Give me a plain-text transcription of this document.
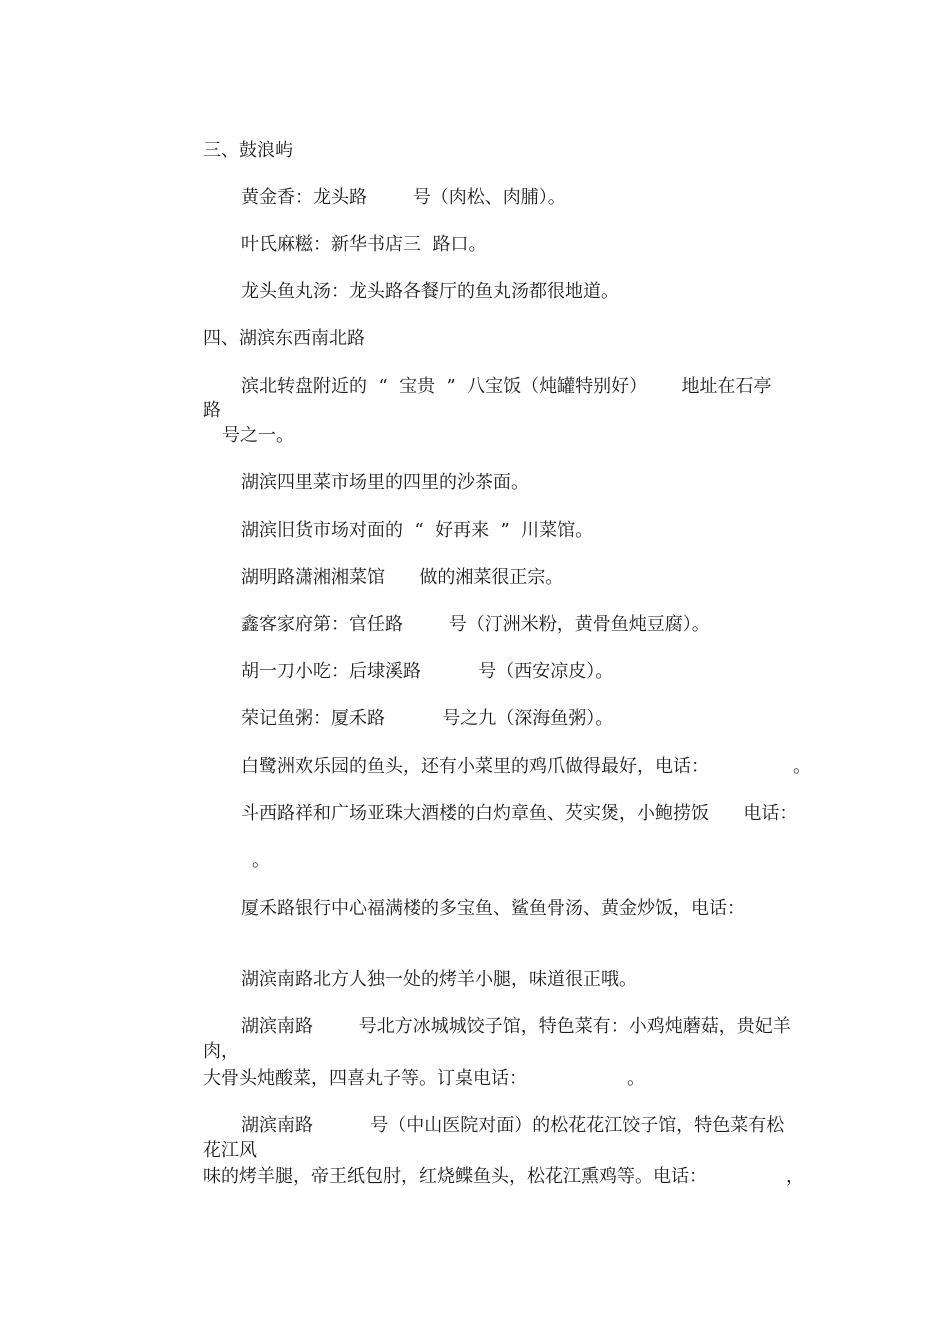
三、鼓浪屿
黄金香：龙头路        号（肉松、肉脯）。
叶氏麻糍：新华书店三  路口。
龙头鱼丸汤：龙头路各餐厅的鱼丸汤都很地道。
四、湖滨东西南北路
滨北转盘附近的  “  宝贵  ”  八宝饭（炖罐特别好）      地址在石亭
路
号之一。
湖滨四里菜市场里的四里的沙茶面。
湖滨旧货市场对面的  “  好再来  ”  川菜馆。
湖明路潇湘湘菜馆      做的湘菜很正宗。
鑫客家府第：官任路        号（汀洲米粉，黄骨鱼炖豆腐）。
胡一刀小吃：后埭溪路          号（西安凉皮）。
荣记鱼粥：厦禾路          号之九（深海鱼粥）。
白鹭洲欢乐园的鱼头，还有小菜里的鸡爪做得最好，电话：	。
斗西路祥和广场亚珠大酒楼的白灼章鱼、芡实煲，小鲍捞饭      电话：
。
厦禾路银行中心福满楼的多宝鱼、鲨鱼骨汤、黄金炒饭，电话：
湖滨南路北方人独一处的烤羊小腿，味道很正哦。
湖滨南路        号北方冰城城饺子馆，特色菜有：小鸡炖蘑菇，贵妃羊
肉，
大骨头炖酸菜，四喜丸子等。订桌电话：	。
湖滨南路          号（中山医院对面）的松花花江饺子馆，特色菜有松
花江风
味的烤羊腿，帝王纸包肘，红烧鲽鱼头，松花江熏鸡等。电话：	，
